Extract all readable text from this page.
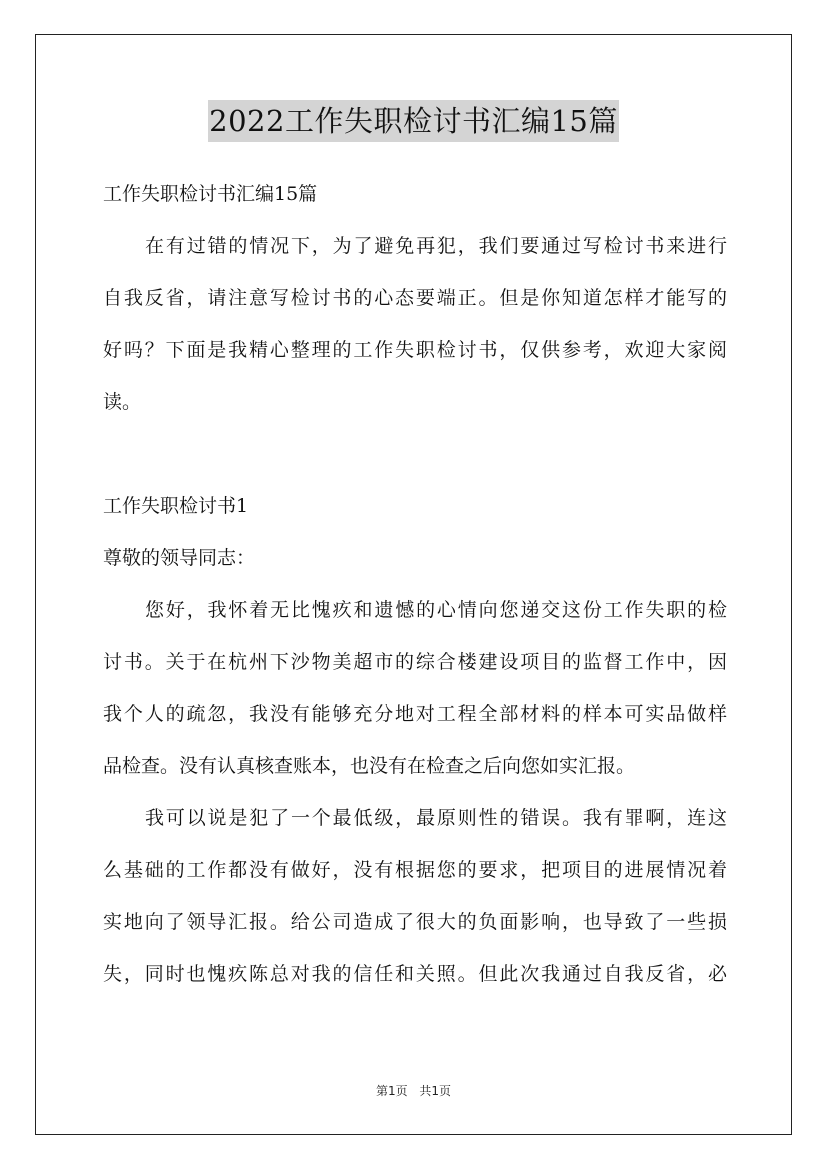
2022工作失职检讨书汇编15篇
工作失职检讨书汇编15篇
在有过错的情况下，为了避免再犯，我们要通过写检讨书来进行
自我反省，请注意写检讨书的心态要端正。但是你知道怎样才能写的
好吗？下面是我精心整理的工作失职检讨书，仅供参考，欢迎大家阅
读。
工作失职检讨书1
尊敬的领导同志：
您好，我怀着无比愧疚和遗憾的心情向您递交这份工作失职的检
讨书。关于在杭州下沙物美超市的综合楼建设项目的监督工作中，因
我个人的疏忽，我没有能够充分地对工程全部材料的样本可实品做样
品检查。没有认真核查账本，也没有在检查之后向您如实汇报。
我可以说是犯了一个最低级，最原则性的错误。我有罪啊，连这
么基础的工作都没有做好，没有根据您的要求，把项目的进展情况着
实地向了领导汇报。给公司造成了很大的负面影响，也导致了一些损
失，同时也愧疚陈总对我的信任和关照。但此次我通过自我反省，必
第1页 共1页
